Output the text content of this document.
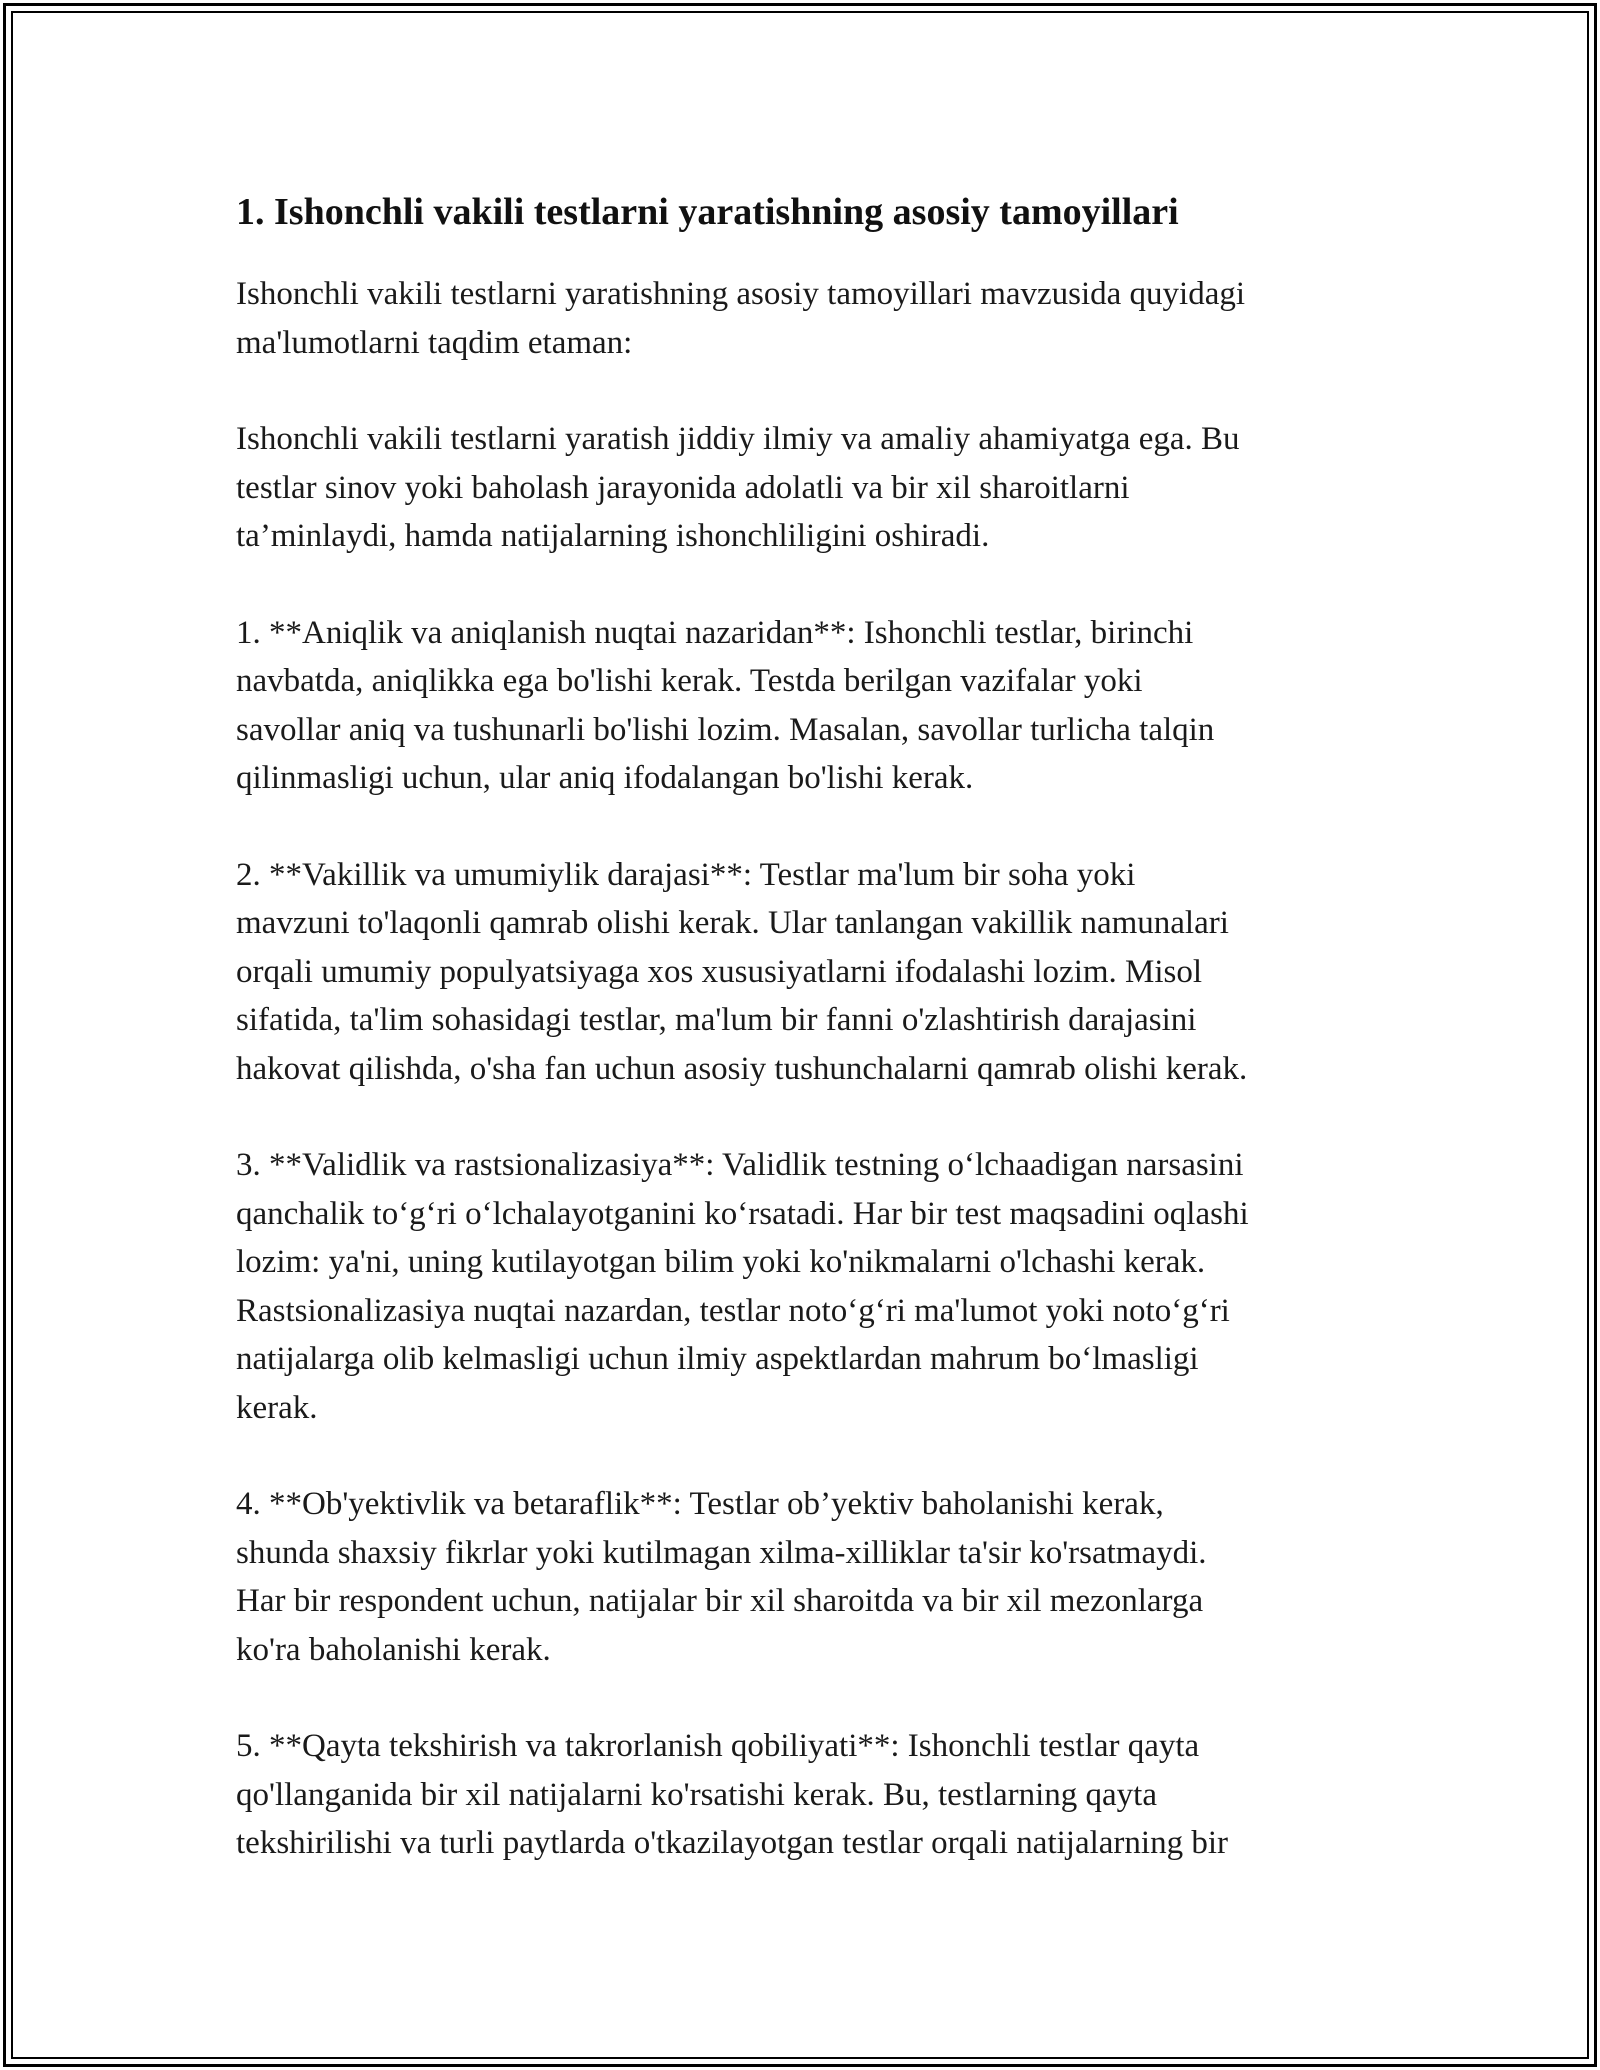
1. Ishonchli vakili testlarni yaratishning asosiy tamoyillari

Ishonchli vakili testlarni yaratishning asosiy tamoyillari mavzusida quyidagi
ma'lumotlarni taqdim etaman:

Ishonchli vakili testlarni yaratish jiddiy ilmiy va amaliy ahamiyatga ega. Bu
testlar sinov yoki baholash jarayonida adolatli va bir xil sharoitlarni
ta’minlaydi, hamda natijalarning ishonchliligini oshiradi.

1. **Aniqlik va aniqlanish nuqtai nazaridan**: Ishonchli testlar, birinchi
navbatda, aniqlikka ega bo'lishi kerak. Testda berilgan vazifalar yoki
savollar aniq va tushunarli bo'lishi lozim. Masalan, savollar turlicha talqin
qilinmasligi uchun, ular aniq ifodalangan bo'lishi kerak.

2. **Vakillik va umumiylik darajasi**: Testlar ma'lum bir soha yoki
mavzuni to'laqonli qamrab olishi kerak. Ular tanlangan vakillik namunalari
orqali umumiy populyatsiyaga xos xususiyatlarni ifodalashi lozim. Misol
sifatida, ta'lim sohasidagi testlar, ma'lum bir fanni o'zlashtirish darajasini
hakovat qilishda, o'sha fan uchun asosiy tushunchalarni qamrab olishi kerak.

3. **Validlik va rastsionalizasiya**: Validlik testning o‘lchaadigan narsasini
qanchalik to‘g‘ri o‘lchalayotganini ko‘rsatadi. Har bir test maqsadini oqlashi
lozim: ya'ni, uning kutilayotgan bilim yoki ko'nikmalarni o'lchashi kerak.
Rastsionalizasiya nuqtai nazardan, testlar noto‘g‘ri ma'lumot yoki noto‘g‘ri
natijalarga olib kelmasligi uchun ilmiy aspektlardan mahrum bo‘lmasligi
kerak.

4. **Ob'yektivlik va betaraflik**: Testlar ob’yektiv baholanishi kerak,
shunda shaxsiy fikrlar yoki kutilmagan xilma-xilliklar ta'sir ko'rsatmaydi.
Har bir respondent uchun, natijalar bir xil sharoitda va bir xil mezonlarga
ko'ra baholanishi kerak.

5. **Qayta tekshirish va takrorlanish qobiliyati**: Ishonchli testlar qayta
qo'llanganida bir xil natijalarni ko'rsatishi kerak. Bu, testlarning qayta
tekshirilishi va turli paytlarda o'tkazilayotgan testlar orqali natijalarning bir
